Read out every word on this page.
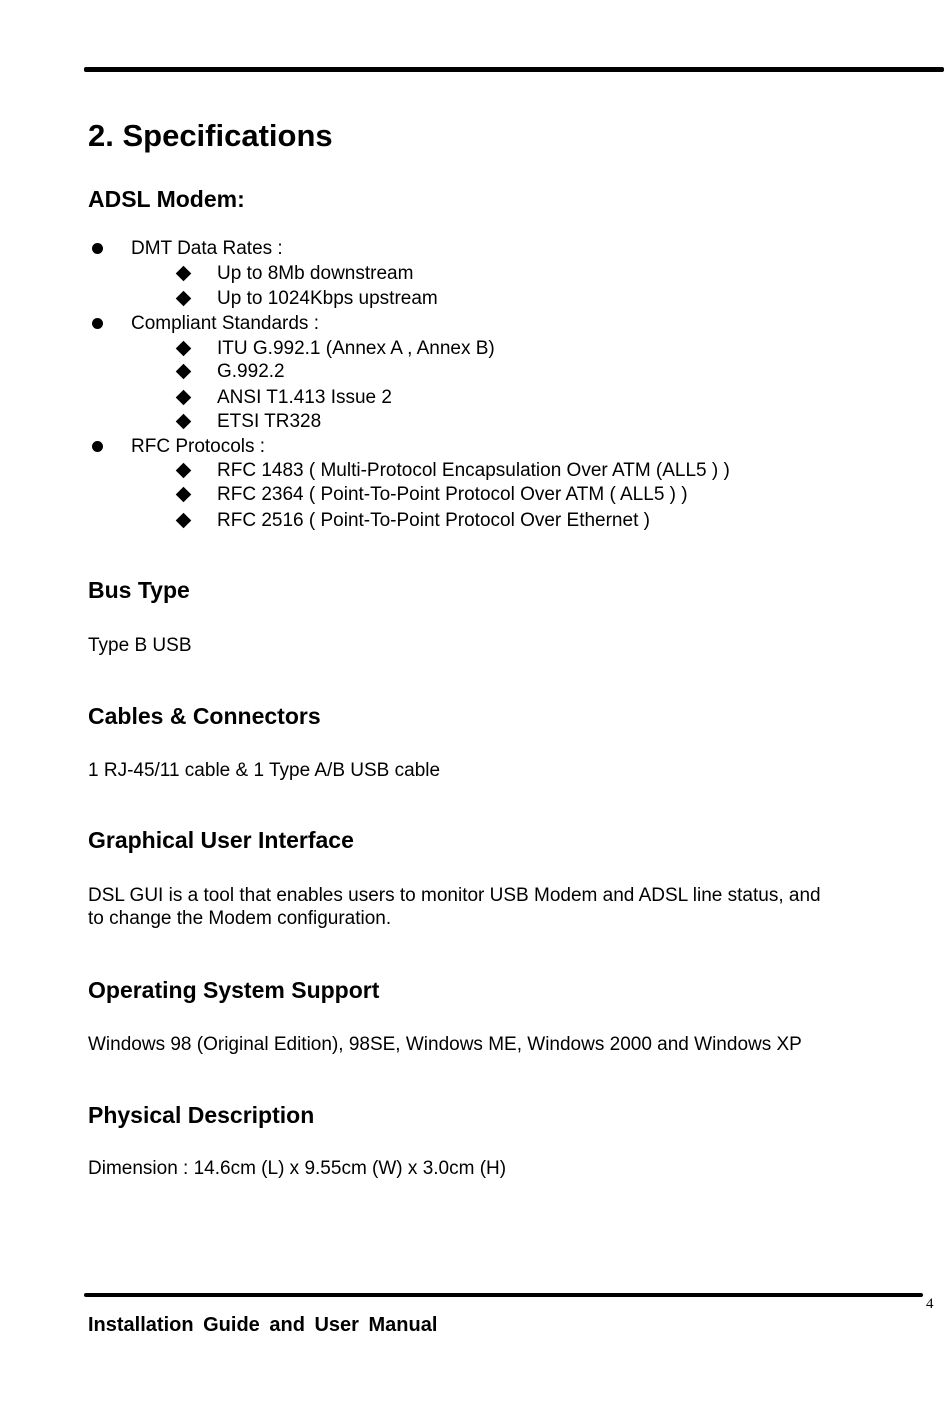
2. Specifications
ADSL Modem:
DMT Data Rates :
Up to 8Mb downstream
Up to 1024Kbps upstream
Compliant Standards :
ITU G.992.1 (Annex A , Annex B)
G.992.2
ANSI T1.413 Issue 2
ETSI TR328
RFC Protocols :
RFC 1483 ( Multi-Protocol Encapsulation Over ATM (ALL5 ) )
RFC 2364 ( Point-To-Point Protocol Over ATM ( ALL5 ) )
RFC 2516 ( Point-To-Point Protocol Over Ethernet )
Bus Type
Type B USB
Cables & Connectors
1 RJ-45/11 cable & 1 Type A/B USB cable
Graphical User Interface
DSL GUI is a tool that enables users to monitor USB Modem and ADSL line status, and
to change the Modem configuration.
Operating System Support
Windows 98 (Original Edition), 98SE, Windows ME, Windows 2000 and Windows XP
Physical Description
Dimension : 14.6cm (L) x 9.55cm (W) x 3.0cm (H)
4
Installation Guide and User Manual
